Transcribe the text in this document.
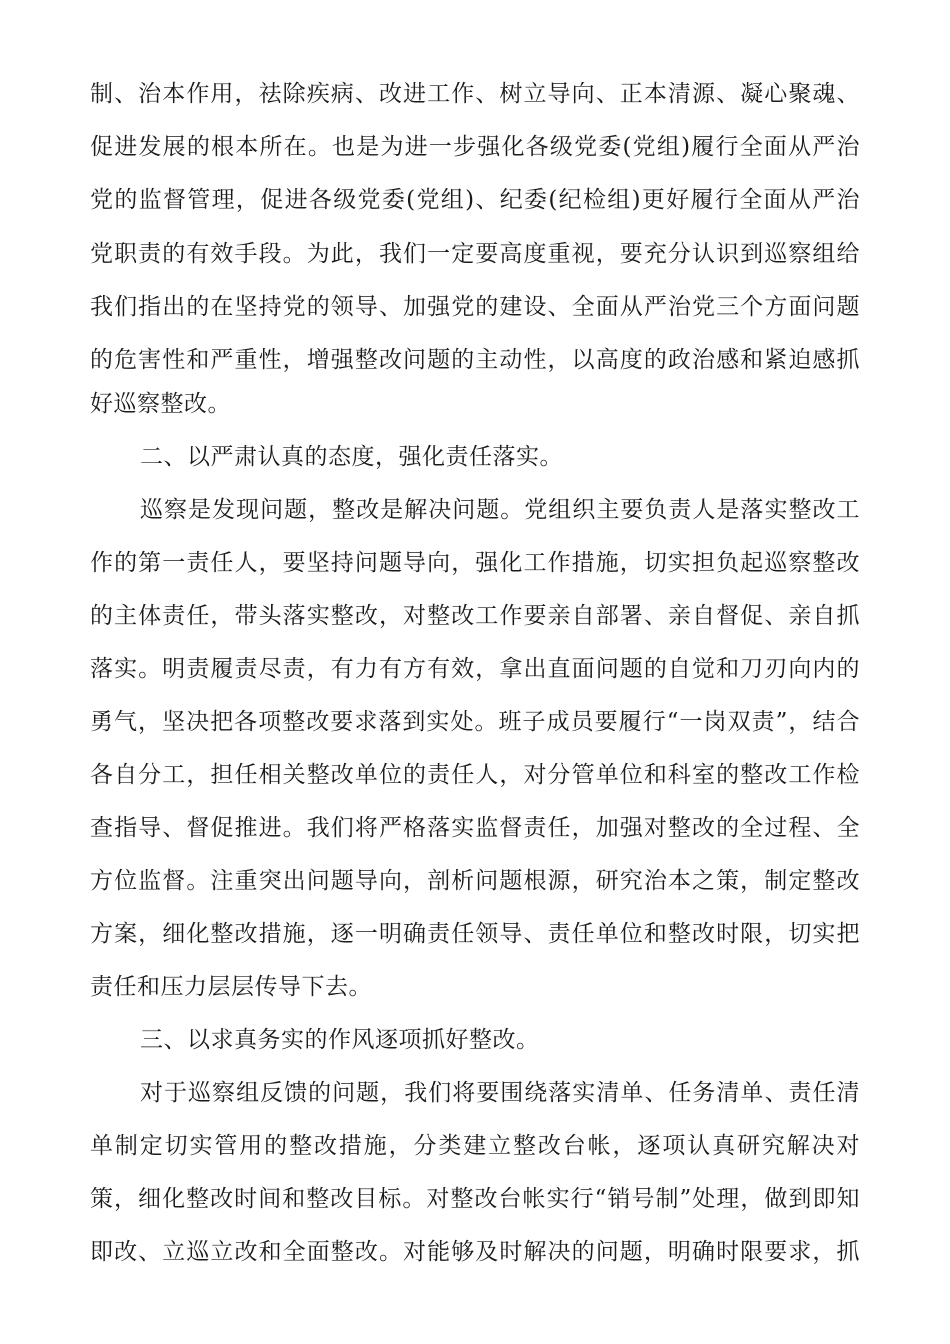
制、治本作用，祛除疾病、改进工作、树立导向、正本清源、凝心聚魂、
促进发展的根本所在。也是为进一步强化各级党委(党组)履行全面从严治
党的监督管理，促进各级党委(党组)、纪委(纪检组)更好履行全面从严治
党职责的有效手段。为此，我们一定要高度重视，要充分认识到巡察组给
我们指出的在坚持党的领导、加强党的建设、全面从严治党三个方面问题
的危害性和严重性，增强整改问题的主动性，以高度的政治感和紧迫感抓
好巡察整改。
二、以严肃认真的态度，强化责任落实。
巡察是发现问题，整改是解决问题。党组织主要负责人是落实整改工
作的第一责任人，要坚持问题导向，强化工作措施，切实担负起巡察整改
的主体责任，带头落实整改，对整改工作要亲自部署、亲自督促、亲自抓
落实。明责履责尽责，有力有方有效，拿出直面问题的自觉和刀刃向内的
勇气，坚决把各项整改要求落到实处。班子成员要履行“一岗双责”，结合
各自分工，担任相关整改单位的责任人，对分管单位和科室的整改工作检
查指导、督促推进。我们将严格落实监督责任，加强对整改的全过程、全
方位监督。注重突出问题导向，剖析问题根源，研究治本之策，制定整改
方案，细化整改措施，逐一明确责任领导、责任单位和整改时限，切实把
责任和压力层层传导下去。
三、以求真务实的作风逐项抓好整改。
对于巡察组反馈的问题，我们将要围绕落实清单、任务清单、责任清
单制定切实管用的整改措施，分类建立整改台帐，逐项认真研究解决对
策，细化整改时间和整改目标。对整改台帐实行“销号制”处理，做到即知
即改、立巡立改和全面整改。对能够及时解决的问题，明确时限要求，抓
